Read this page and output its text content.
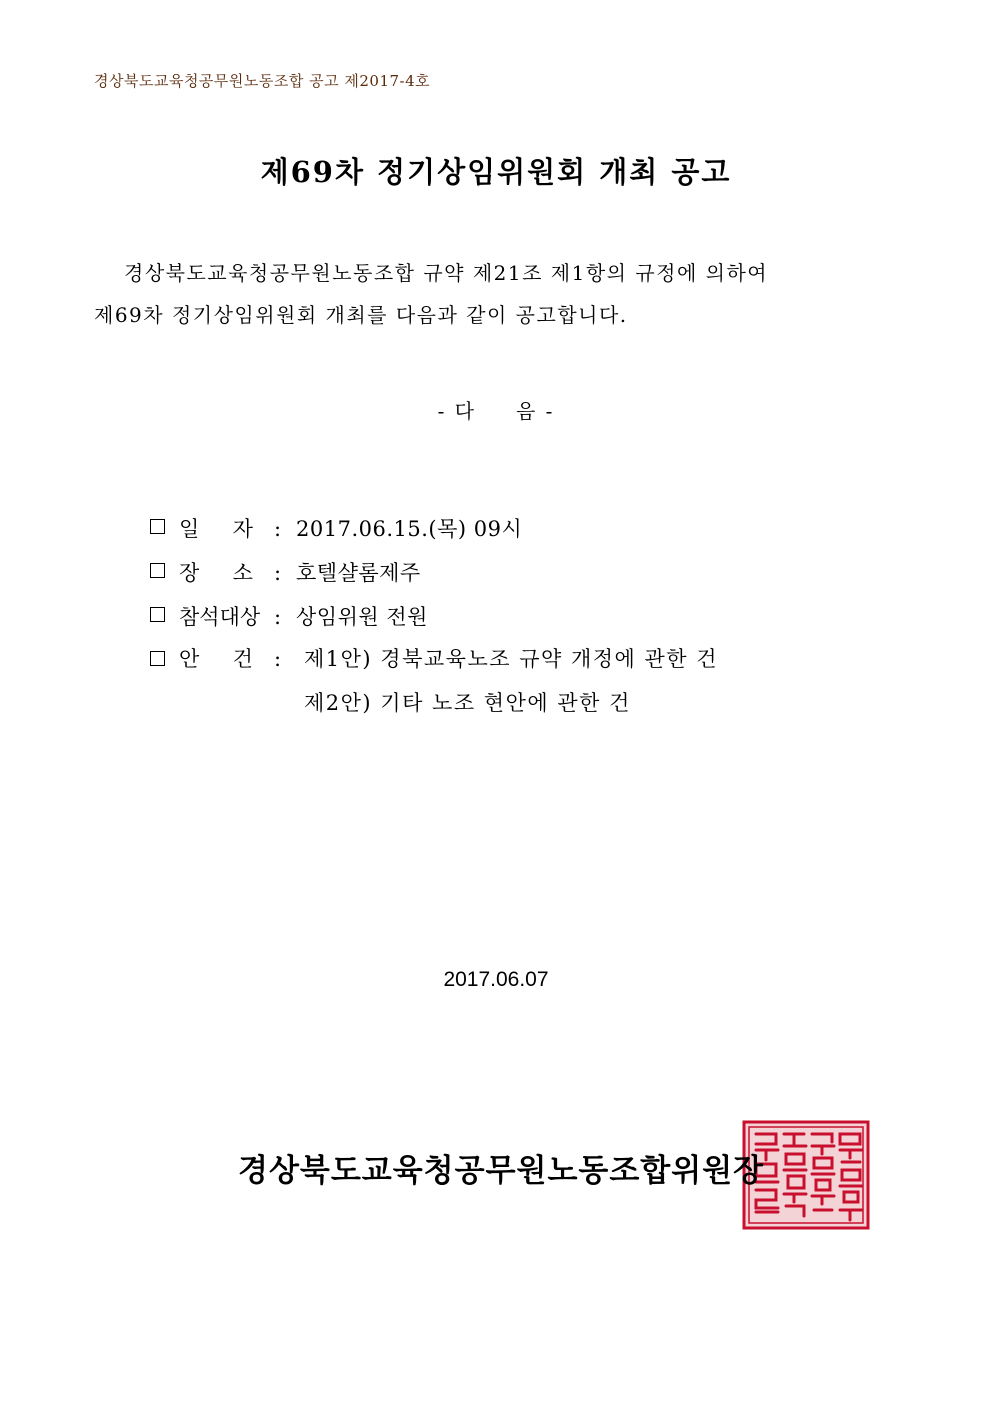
경상북도교육청공무원노동조합 공고 제2017-4호
제69차 정기상임위원회 개최 공고
경상북도교육청공무원노동조합 규약 제21조 제1항의 규정에 의하여
제69차 정기상임위원회 개최를 다음과 같이 공고합니다.
- 다 음 -
일     자 : 2017.06.15.(목) 09시
장     소 : 호텔샬롬제주
참석대상 : 상임위원 전원
안     건 : 제1안) 경북교육노조 규약 개정에 관한 건
제2안) 기타 노조 현안에 관한 건
2017.06.07
경상북도교육청공무원노동조합위원장
